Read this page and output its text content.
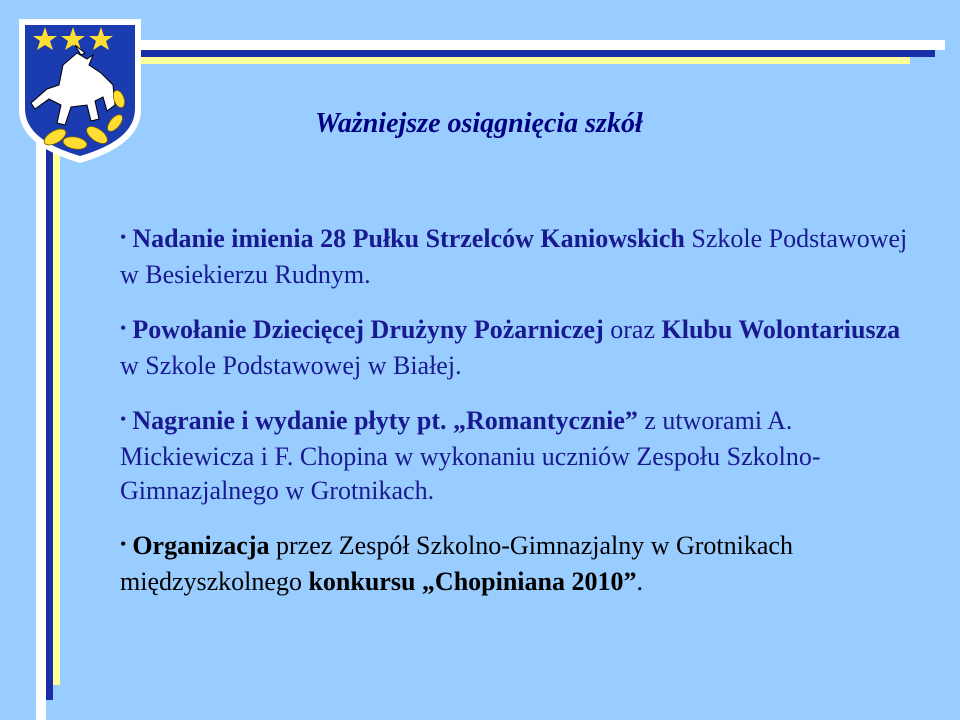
Ważniejsze osiągnięcia szkół
• Nadanie imienia 28 Pułku Strzelców Kaniowskich Szkole Podstawowej w Besiekierzu Rudnym.
• Powołanie Dziecięcej Drużyny Pożarniczej oraz Klubu Wolontariusza w Szkole Podstawowej w Białej.
• Nagranie i wydanie płyty pt. „Romantycznie” z utworami A. Mickiewicza i F. Chopina w wykonaniu uczniów Zespołu Szkolno-Gimnazjalnego w Grotnikach.
• Organizacja przez Zespół Szkolno-Gimnazjalny w Grotnikach międzyszkolnego konkursu „Chopiniana 2010”.
